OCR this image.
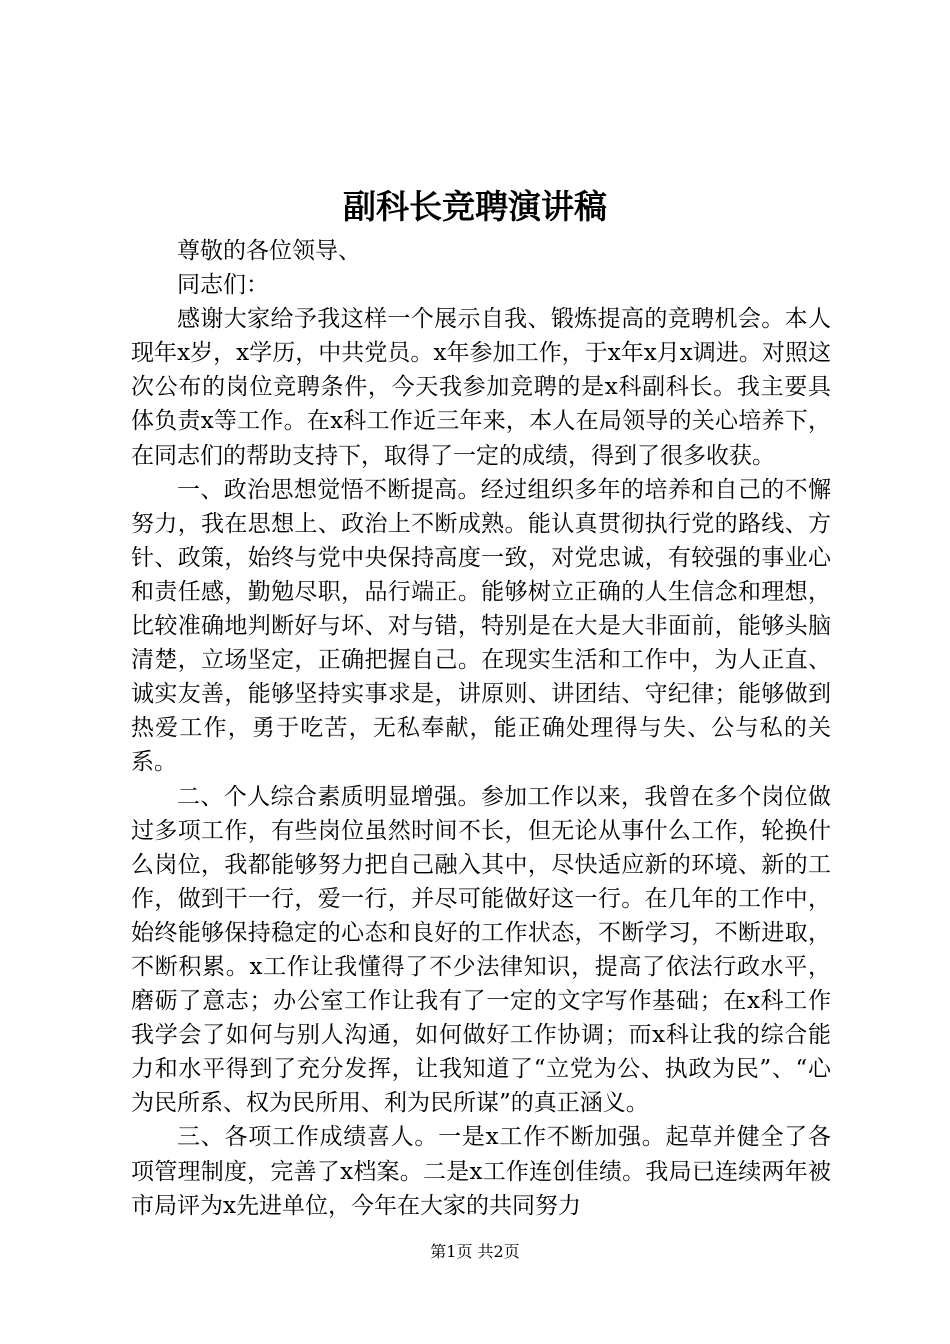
副科长竞聘演讲稿

尊敬的各位领导、

同志们：

感谢大家给予我这样一个展示自我、锻炼提高的竞聘机会。本人现年x岁，x学历，中共党员。x年参加工作，于x年x月x调进。对照这次公布的岗位竞聘条件，今天我参加竞聘的是x科副科长。我主要具体负责x等工作。在x科工作近三年来，本人在局领导的关心培养下，在同志们的帮助支持下，取得了一定的成绩，得到了很多收获。

一、政治思想觉悟不断提高。经过组织多年的培养和自己的不懈努力，我在思想上、政治上不断成熟。能认真贯彻执行党的路线、方针、政策，始终与党中央保持高度一致，对党忠诚，有较强的事业心和责任感，勤勉尽职，品行端正。能够树立正确的人生信念和理想，比较准确地判断好与坏、对与错，特别是在大是大非面前，能够头脑清楚，立场坚定，正确把握自己。在现实生活和工作中，为人正直、诚实友善，能够坚持实事求是，讲原则、讲团结、守纪律；能够做到热爱工作，勇于吃苦，无私奉献，能正确处理得与失、公与私的关系。

二、个人综合素质明显增强。参加工作以来，我曾在多个岗位做过多项工作，有些岗位虽然时间不长，但无论从事什么工作，轮换什么岗位，我都能够努力把自己融入其中，尽快适应新的环境、新的工作，做到干一行，爱一行，并尽可能做好这一行。在几年的工作中，始终能够保持稳定的心态和良好的工作状态，不断学习，不断进取，不断积累。x工作让我懂得了不少法律知识，提高了依法行政水平，磨砺了意志；办公室工作让我有了一定的文字写作基础；在x科工作我学会了如何与别人沟通，如何做好工作协调；而x科让我的综合能力和水平得到了充分发挥，让我知道了“立党为公、执政为民”、“心为民所系、权为民所用、利为民所谋”的真正涵义。

三、各项工作成绩喜人。一是x工作不断加强。起草并健全了各项管理制度，完善了x档案。二是x工作连创佳绩。我局已连续两年被市局评为x先进单位，今年在大家的共同努力

第1页 共2页
